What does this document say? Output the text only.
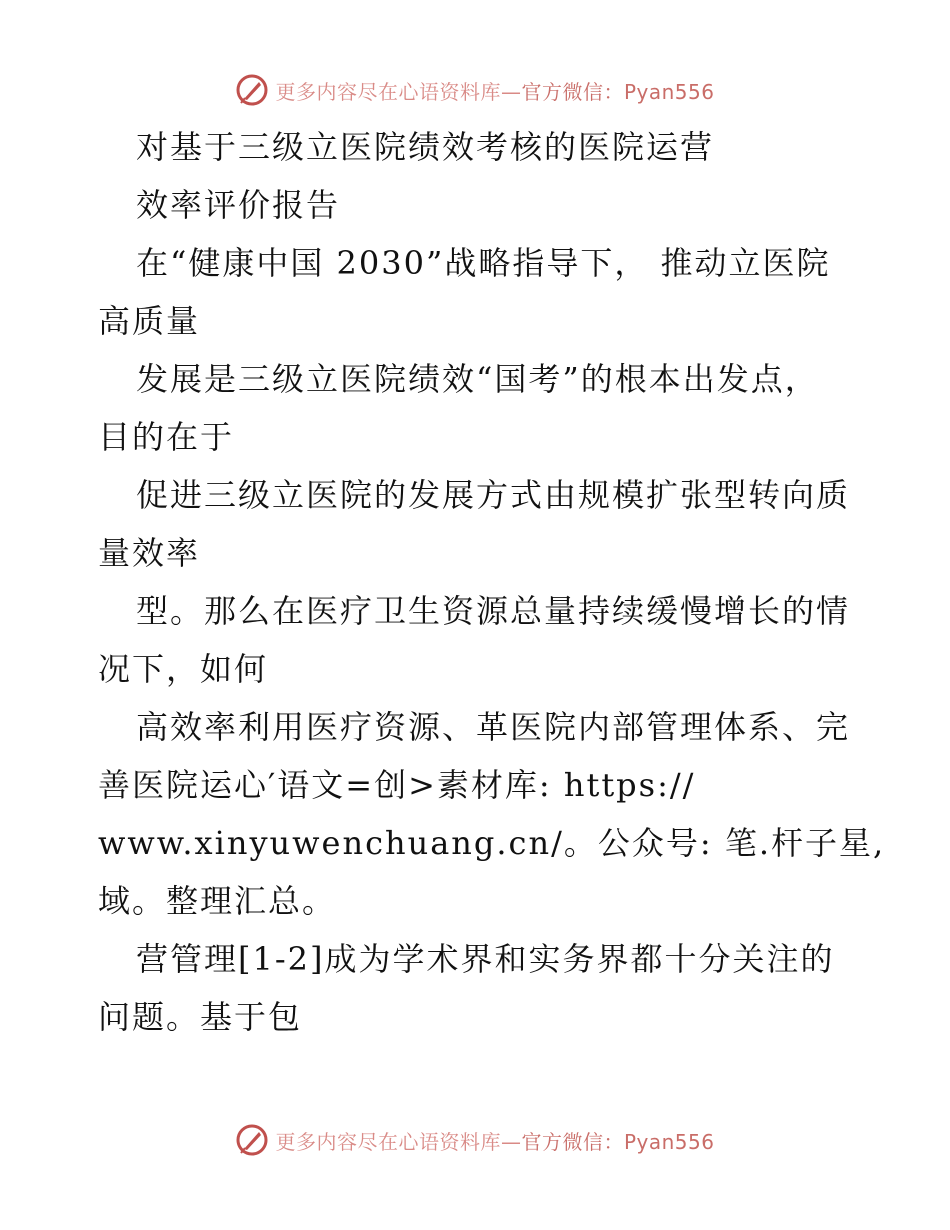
更多内容尽在心语资料库—官方微信：Pyan556
对基于三级立医院绩效考核的医院运营
效率评价报告
在“健康中国 2030”战略指导下， 推动立医院
高质量
发展是三级立医院绩效“国考”的根本出发点，
目的在于
促进三级立医院的发展方式由规模扩张型转向质
量效率
型。那么在医疗卫生资源总量持续缓慢增长的情
况下，如何
高效率利用医疗资源、革医院内部管理体系、完
善医院运心′语文=创>素材库: https://
www.xinyuwenchuang.cn/。公众号: 笔.杆子星,
域。整理汇总。
营管理[1-2]成为学术界和实务界都十分关注的
问题。基于包
更多内容尽在心语资料库—官方微信：Pyan556
